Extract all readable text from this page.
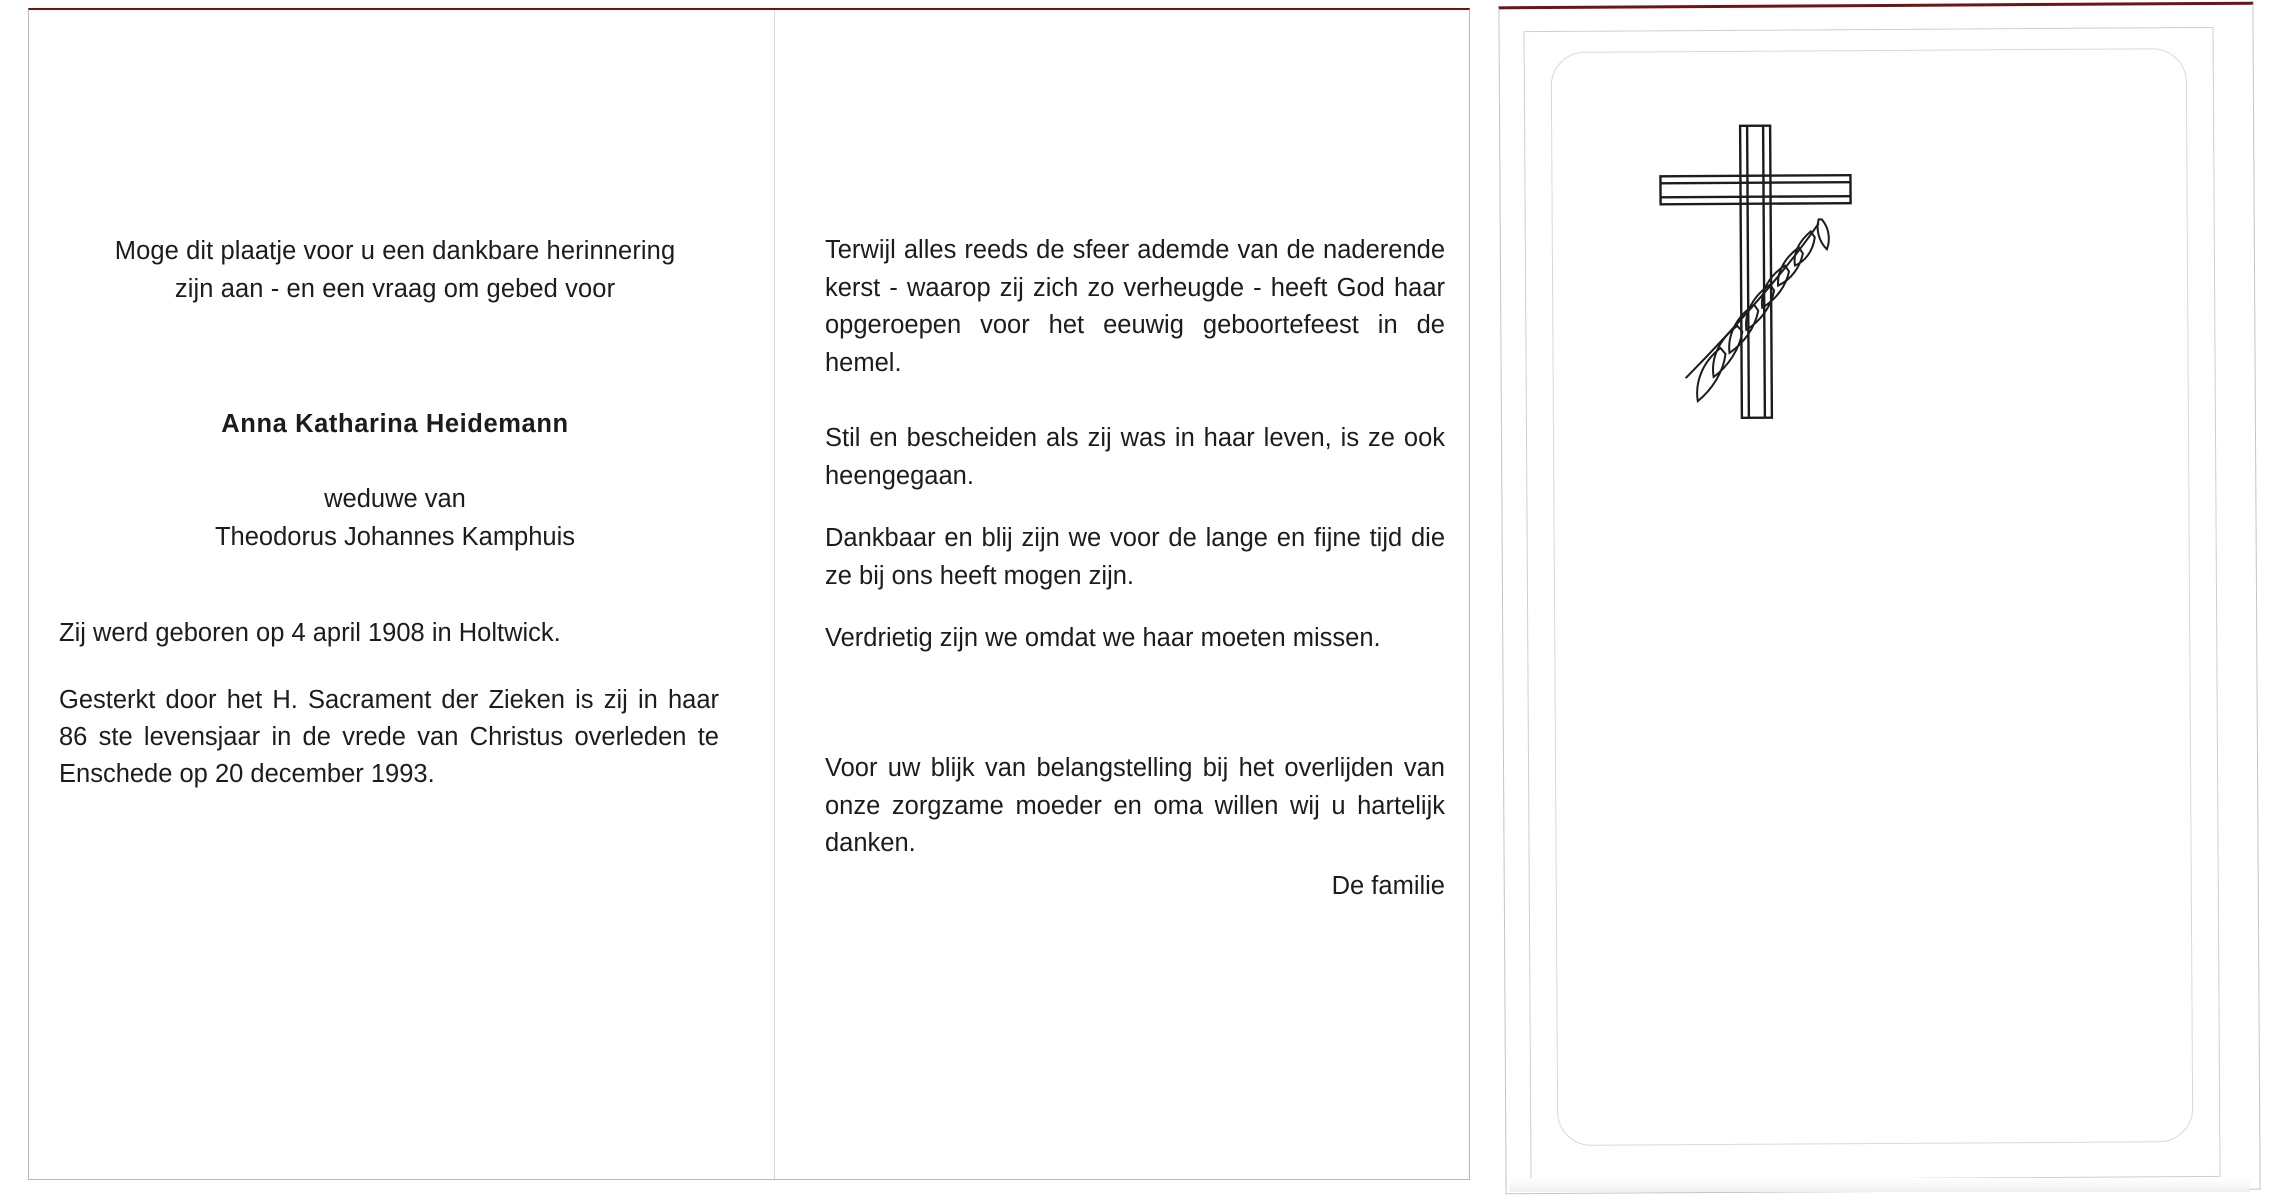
Moge dit plaatje voor u een dankbare herinnering zijn aan - en een vraag om gebed voor
Anna Katharina Heidemann
weduwe van
Theodorus Johannes Kamphuis
Zij werd geboren op 4 april 1908 in Holtwick.
Gesterkt door het H. Sacrament der Zieken is zij in haar 86 ste levensjaar in de vrede van Christus overleden te Enschede op 20 december 1993.
Terwijl alles reeds de sfeer ademde van de naderende kerst - waarop zij zich zo verheugde - heeft God haar opgeroepen voor het eeuwig geboortefeest in de hemel.
Stil en bescheiden als zij was in haar leven, is ze ook heengegaan.
Dankbaar en blij zijn we voor de lange en fijne tijd die ze bij ons heeft mogen zijn.
Verdrietig zijn we omdat we haar moeten missen.
Voor uw blijk van belangstelling bij het overlijden van onze zorgzame moeder en oma willen wij u hartelijk danken.
De familie
